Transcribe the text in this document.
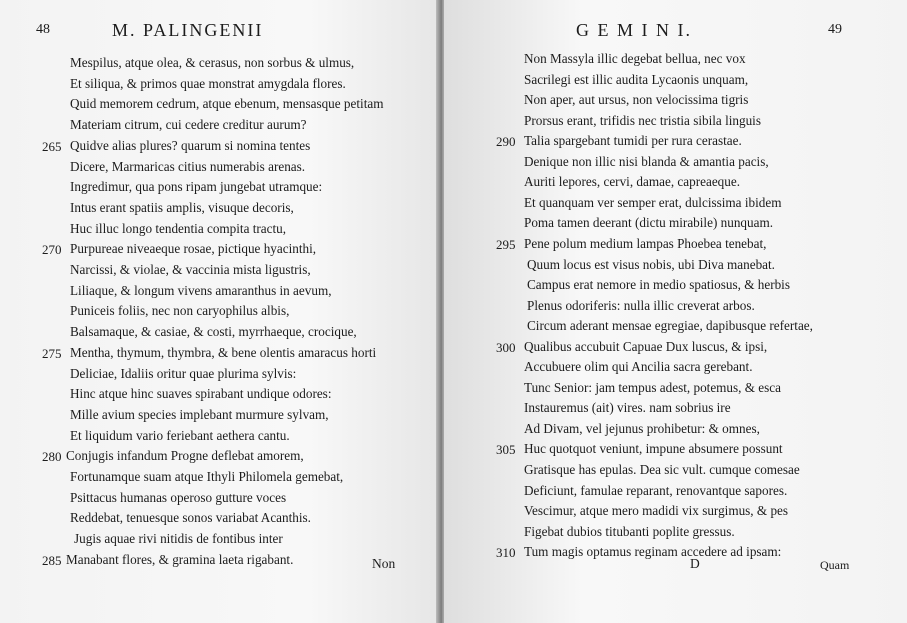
48	M. PALINGENII
Non
Mespilus, atque olea, & cerasus, non sorbus & ulmus,
Et siliqua, & primos quae monstrat amygdala flores.
Quid memorem cedrum, atque ebenum, mensasque petitam
Materiam citrum, cui cedere creditur aurum?
265 Quidve alias plures? quarum si nomina tentes
Dicere, Marmaricas citius numerabis arenas.
Ingredimur, qua pons ripam jungebat utramque:
Intus erant spatiis amplis, visuque decoris,
Huc illuc longo tendentia compita tractu,
270 Purpureae niveaeque rosae, pictique hyacinthi,
Narcissi, & violae, & vaccinia mista ligustris,
Liliaque, & longum vivens amaranthus in aevum,
Puniceis foliis, nec non caryophilus albis,
Balsamaque, & casiae, & costi, myrrhaeque, crocique,
275 Mentha, thymum, thymbra, & bene olentis amaracus horti
Deliciae, Idaliis oritur quae plurima sylvis:
Hinc atque hinc suaves spirabant undique odores:
Mille avium species implebant murmure sylvam,
Et liquidum vario feriebant aethera cantu.
280 Conjugis infandum Progne deflebat amorem,
Fortunamque suam atque Ithyli Philomela gemebat,
Psittacus humanas operoso gutture voces
Reddebat, tenuesque sonos variabat Acanthis.
Jugis aquae rivi nitidis de fontibus inter
285 Manabant flores, & gramina laeta rigabant.
G E M I N I.	49
D	Quam
Non Massyla illic degebat bellua, nec vox
Sacrilegi est illic audita Lycaonis unquam,
Non aper, aut ursus, non velocissima tigris
Prorsus erant, trifidis nec tristia sibila linguis
290 Talia spargebant tumidi per rura cerastae.
Denique non illic nisi blanda & amantia pacis,
Auriti lepores, cervi, damae, capreaeque.
Et quanquam ver semper erat, dulcissima ibidem
Poma tamen deerant (dictu mirabile) nunquam.
295 Pene polum medium lampas Phoebea tenebat,
Quum locus est visus nobis, ubi Diva manebat.
Campus erat nemore in medio spatiosus, & herbis
Plenus odoriferis: nulla illic creverat arbos.
Circum aderant mensae egregiae, dapibusque refertae,
300 Qualibus accubuit Capuae Dux luscus, & ipsi,
Accubuere olim qui Ancilia sacra gerebant.
Tunc Senior: jam tempus adest, potemus, & esca
Instauremus (ait) vires. nam sobrius ire
Ad Divam, vel jejunus prohibetur: & omnes,
305 Huc quotquot veniunt, impune absumere possunt
Gratisque has epulas. Dea sic vult. cumque comesae
Deficiunt, famulae reparant, renovantque sapores.
Vescimur, atque mero madidi vix surgimus, & pes
Figebat dubios titubanti poplite gressus.
310 Tum magis optamus reginam accedere ad ipsam:
